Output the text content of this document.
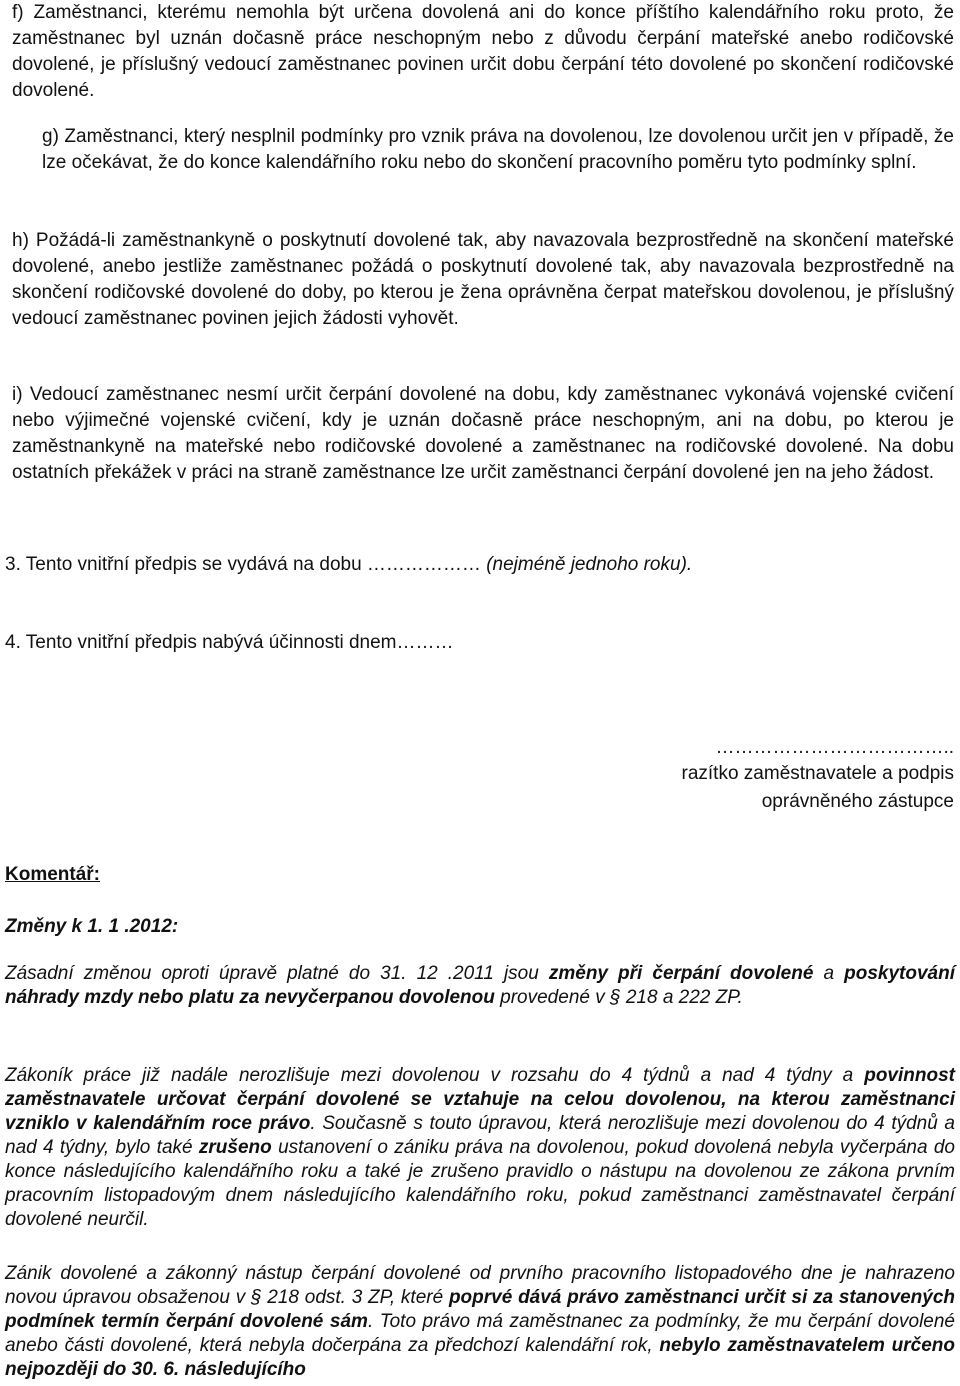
f) Zaměstnanci, kterému nemohla být určena dovolená ani do konce příštího kalendářního roku proto, že zaměstnanec byl uznán dočasně práce neschopným nebo z důvodu čerpání mateřské anebo rodičovské dovolené, je příslušný vedoucí zaměstnanec povinen určit dobu čerpání této dovolené po skončení rodičovské dovolené.
g) Zaměstnanci, který nesplnil podmínky pro vznik práva na dovolenou, lze dovolenou určit jen v případě, že lze očekávat, že do konce kalendářního roku nebo do skončení pracovního poměru tyto podmínky splní.
h) Požádá-li zaměstnankyně o poskytnutí dovolené tak, aby navazovala bezprostředně na skončení mateřské dovolené, anebo jestliže zaměstnanec požádá o poskytnutí dovolené tak, aby navazovala bezprostředně na skončení rodičovské dovolené do doby, po kterou je žena oprávněna čerpat mateřskou dovolenou, je příslušný vedoucí zaměstnanec povinen jejich žádosti vyhovět.
i) Vedoucí zaměstnanec nesmí určit čerpání dovolené na dobu, kdy zaměstnanec vykonává vojenské cvičení nebo výjimečné vojenské cvičení, kdy je uznán dočasně práce neschopným, ani na dobu, po kterou je zaměstnankyně na mateřské nebo rodičovské dovolené a zaměstnanec na rodičovské dovolené. Na dobu ostatních překážek v práci na straně zaměstnance lze určit zaměstnanci čerpání dovolené jen na jeho žádost.
3. Tento vnitřní předpis se vydává na dobu ……………… (nejméně jednoho roku).
4. Tento vnitřní předpis nabývá účinnosti dnem………
………………………………..
razítko zaměstnavatele a podpis
oprávněného zástupce
Komentář:
Změny k 1. 1 .2012:
Zásadní změnou oproti úpravě platné do 31. 12 .2011 jsou změny při čerpání dovolené a poskytování náhrady mzdy nebo platu za nevyčerpanou dovolenou provedené v § 218 a 222 ZP.
Zákoník práce již nadále nerozlišuje mezi dovolenou v rozsahu do 4 týdnů a nad 4 týdny a povinnost zaměstnavatele určovat čerpání dovolené se vztahuje na celou dovolenou, na kterou zaměstnanci vzniklo v kalendářním roce právo. Současně s touto úpravou, která nerozlišuje mezi dovolenou do 4 týdnů a nad 4 týdny, bylo také zrušeno ustanovení o zániku práva na dovolenou, pokud dovolená nebyla vyčerpána do konce následujícího kalendářního roku a také je zrušeno pravidlo o nástupu na dovolenou ze zákona prvním pracovním listopadovým dnem následujícího kalendářního roku, pokud zaměstnanci zaměstnavatel čerpání dovolené neurčil.
Zánik dovolené a zákonný nástup čerpání dovolené od prvního pracovního listopadového dne je nahrazeno novou úpravou obsaženou v § 218 odst. 3 ZP, které poprvé dává právo zaměstnanci určit si za stanovených podmínek termín čerpání dovolené sám. Toto právo má zaměstnanec za podmínky, že mu čerpání dovolené anebo části dovolené, která nebyla dočerpána za předchozí kalendářní rok, nebylo zaměstnavatelem určeno nejpozději do 30. 6. následujícího
